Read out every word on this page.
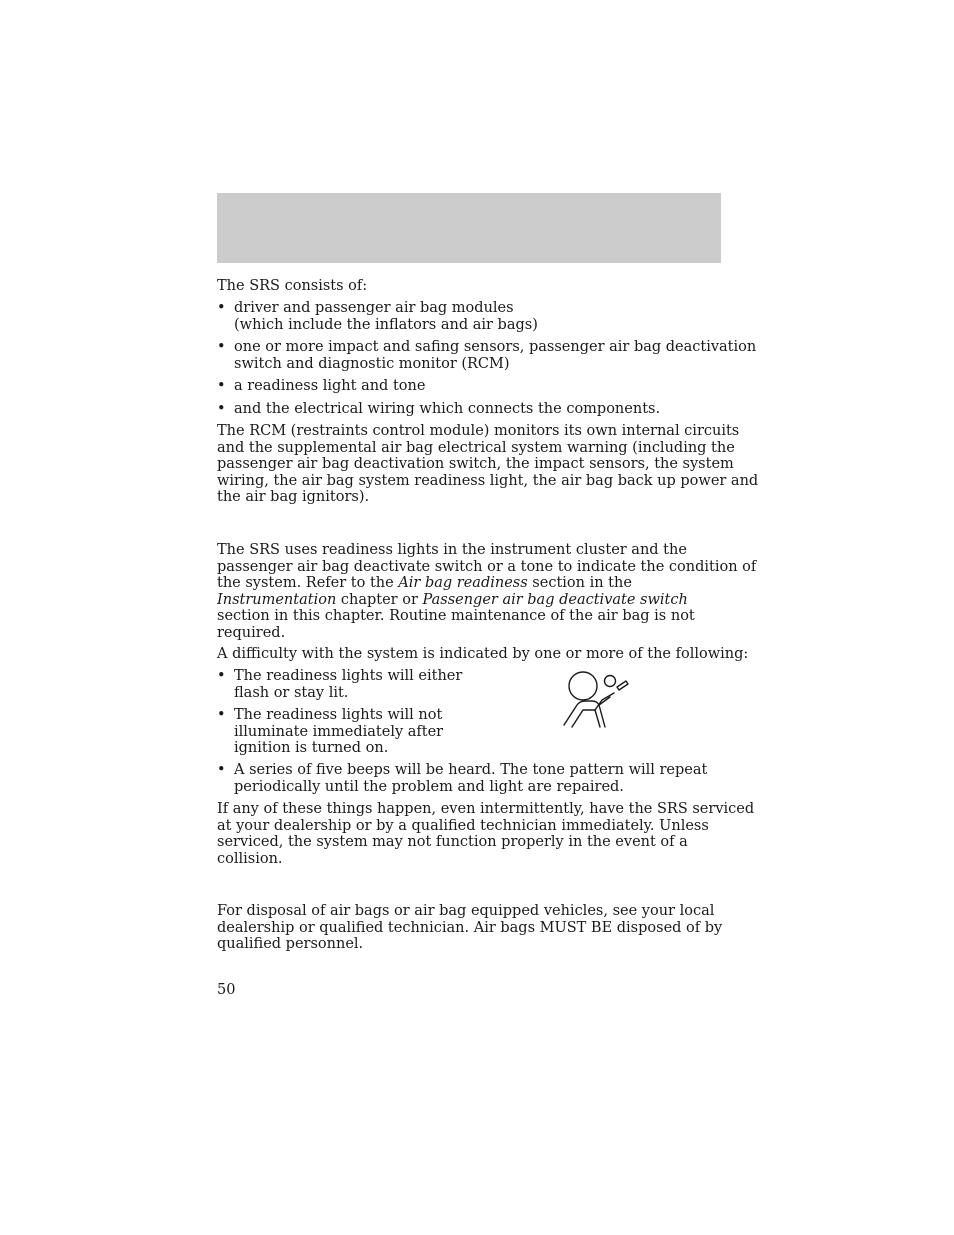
The SRS consists of:

• driver and passenger air bag modules
(which include the inflators and air bags)
• one or more impact and safing sensors, passenger air bag deactivation
switch and diagnostic monitor (RCM)
• a readiness light and tone
• and the electrical wiring which connects the components.
The RCM (restraints control module) monitors its own internal circuits
and the supplemental air bag electrical system warning (including the
passenger air bag deactivation switch, the impact sensors, the system
wiring, the air bag system readiness light, the air bag back up power and
the air bag ignitors).
The SRS uses readiness lights in the instrument cluster and the
passenger air bag deactivate switch or a tone to indicate the condition of
the system. Refer to the Air bag readiness section in the
Instrumentation chapter or Passenger air bag deactivate switch
section in this chapter. Routine maintenance of the air bag is not
required.

A difficulty with the system is indicated by one or more of the following:

• The readiness lights will either
flash or stay lit.
• The readiness lights will not
illuminate immediately after
ignition is turned on.
• A series of five beeps will be heard. The tone pattern will repeat
periodically until the problem and light are repaired.
If any of these things happen, even intermittently, have the SRS serviced
at your dealership or by a qualified technician immediately. Unless
serviced, the system may not function properly in the event of a
collision.
For disposal of air bags or air bag equipped vehicles, see your local
dealership or qualified technician. Air bags MUST BE disposed of by
qualified personnel.

50
